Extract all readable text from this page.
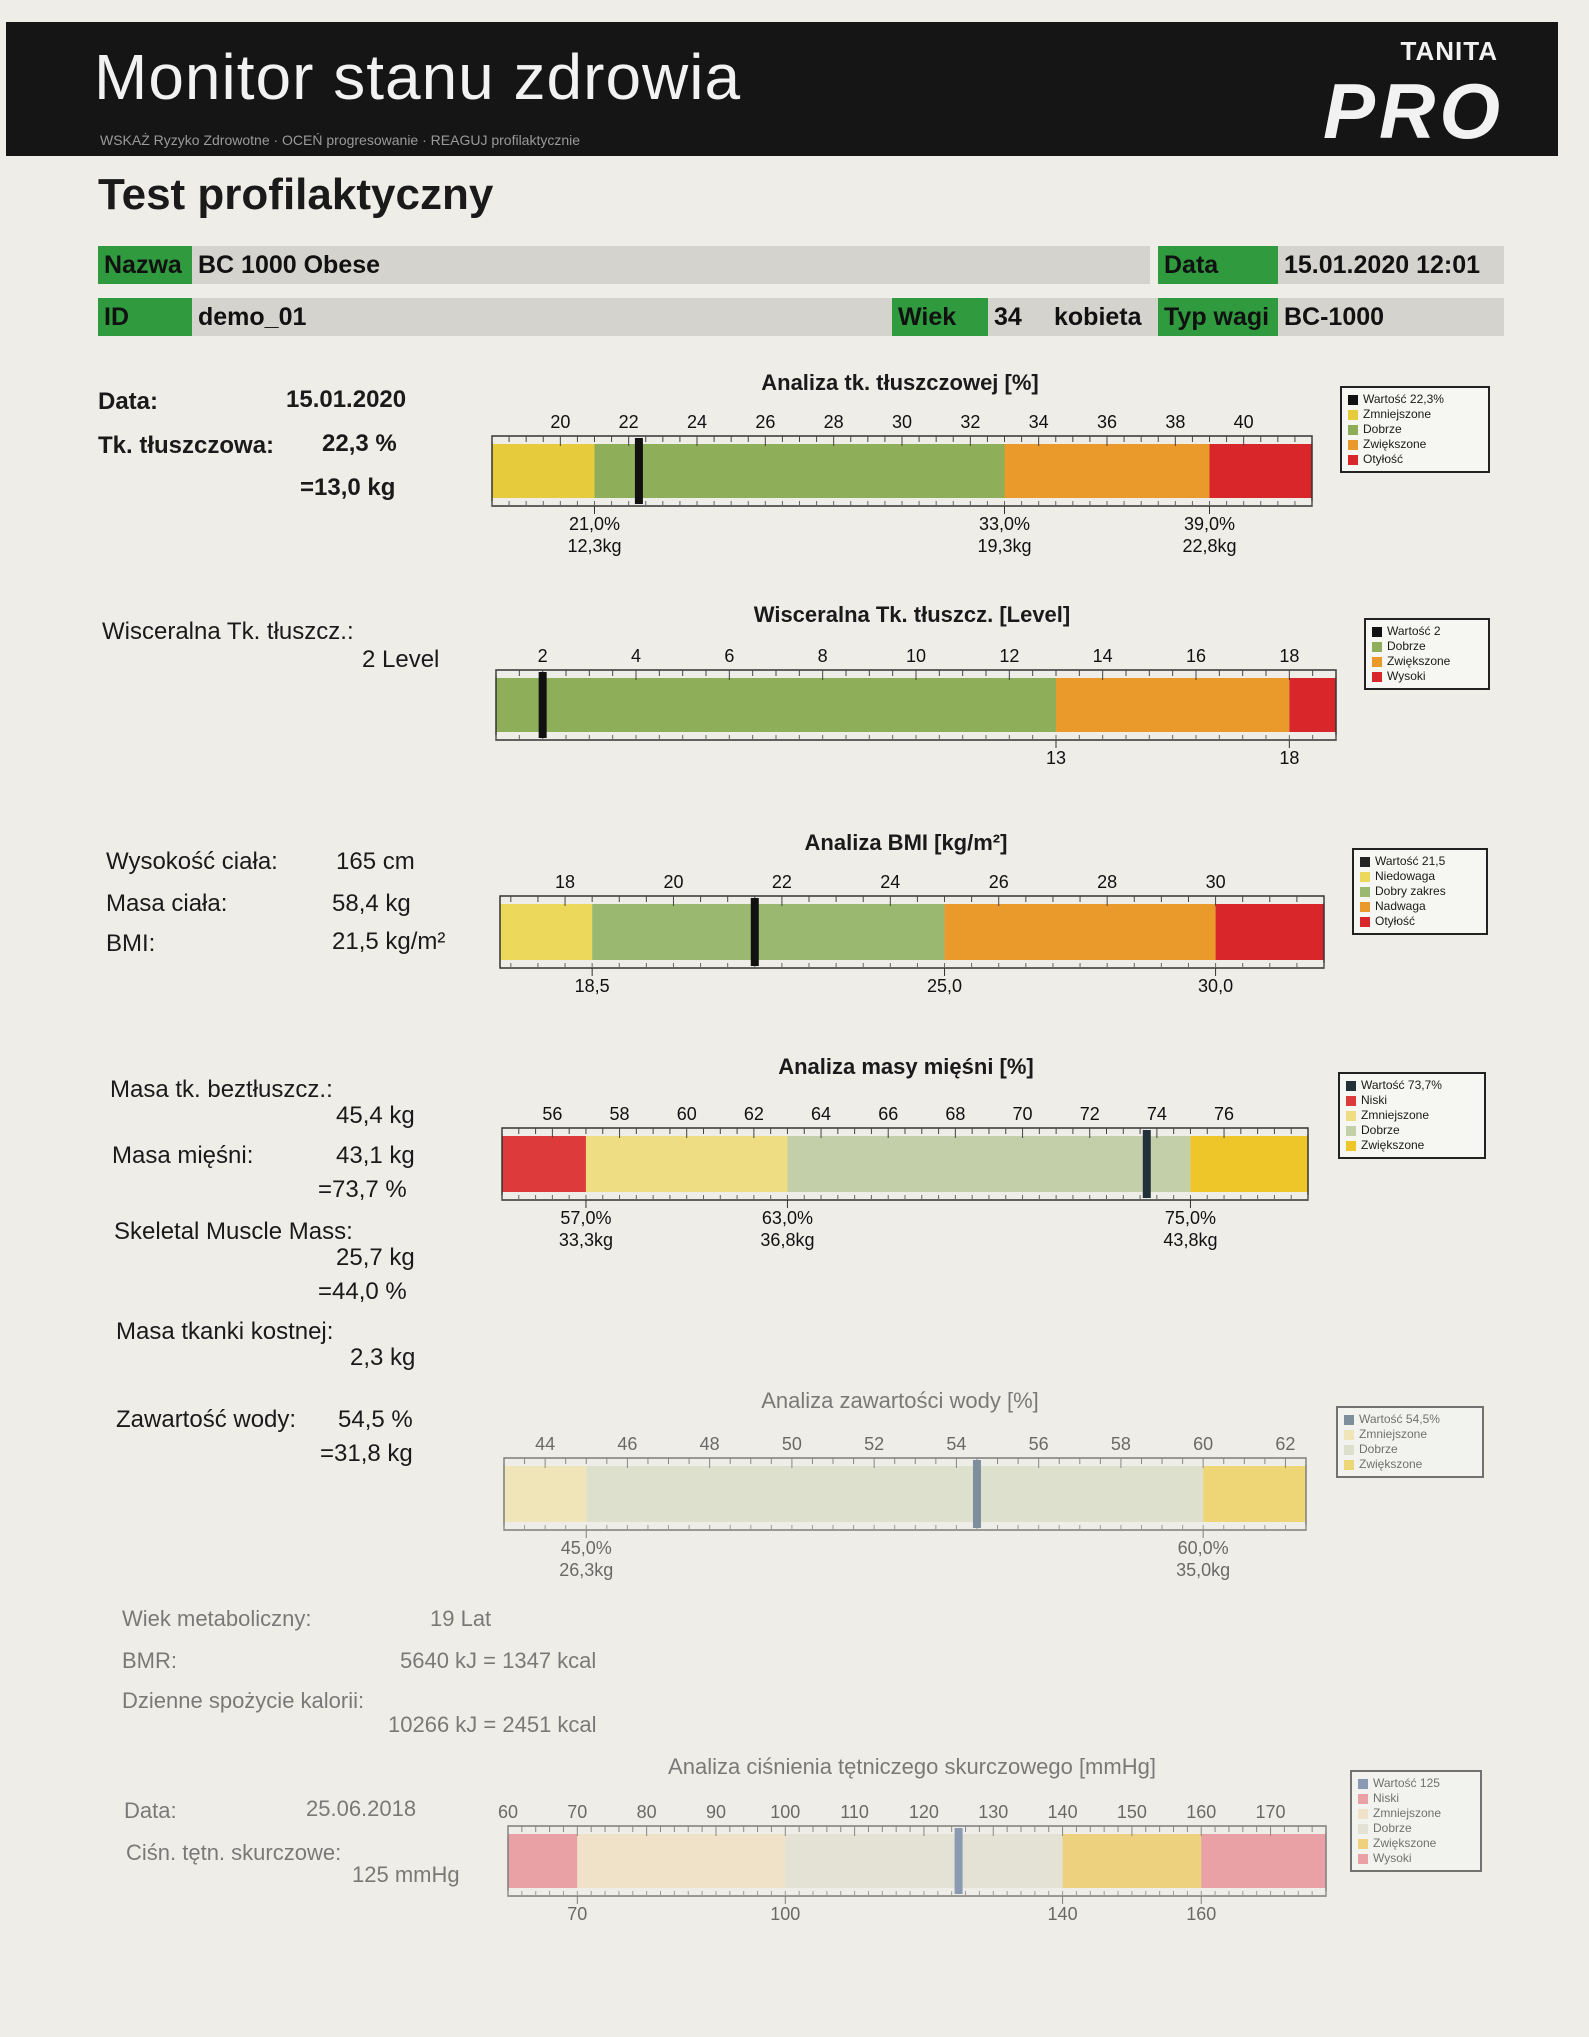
Monitor stanu zdrowia
WSKAŻ Ryzyko Zdrowotne · OCEŃ progresowanie · REAGUJ profilaktycznie
TANITA
PRO
Test profilaktyczny
Nazwa BC 1000 Obese	Data	15.01.2020 12:01
ID	demo_01	Wiek	34	kobieta Typ wagi BC-1000
Data:	15.01.2020
Tk. tłuszczowa: 22,3 %
=13,0 kg
Wisceralna Tk. tłuszcz.:
2 Level
Wysokość ciała: 165 cm
Masa ciała:	58,4 kg
BMI:	21,5 kg/m²
Masa tk. beztłuszcz.:
45,4 kg
Masa mięśni:	43,1 kg
=73,7 %
Skeletal Muscle Mass:
25,7 kg
=44,0 %
Masa tkanki kostnej:
2,3 kg
Zawartość wody: 54,5 %
=31,8 kg
Wiek metaboliczny:	19 Lat
BMR:	5640 kJ = 1347 kcal
Dzienne spożycie kalorii:
10266 kJ = 2451 kcal
Data:	25.06.2018
Ciśn. tętn. skurczowe:
125 mmHg
Analiza tk. tłuszczowej [%]
20	22	24	26	28	30	32	34	36	38	40
21,0%
12,3kg
33,0%
19,3kg
39,0%
22,8kg
Wartość 22,3%
Zmniejszone
Dobrze
Zwiększone
Otyłość
Wisceralna Tk. tłuszcz. [Level]
2	4	6	8	10	12	14	16	18
13	18
Wartość 2
Dobrze
Zwiększone
Wysoki
Analiza BMI [kg/m²]
18	20	22	24	26	28	30
18,5	25,0	30,0
Wartość 21,5
Niedowaga
Dobry zakres
Nadwaga
Otyłość
Analiza masy mięśni [%]
56	58	60	62	64	66	68	70	72	74	76
57,0%
33,3kg
63,0%
36,8kg
75,0%
43,8kg
Wartość 73,7%
Niski
Zmniejszone
Dobrze
Zwiększone
Analiza zawartości wody [%]
44	46	48	50	52	54	56	58	60	62
45,0%
26,3kg
60,0%
35,0kg
Wartość 54,5%
Zmniejszone
Dobrze
Zwiększone
Analiza ciśnienia tętniczego skurczowego [mmHg]
60	70	80	90 100 110 120 130 140 150 160 170
70	100	140	160
Wartość 125
Niski
Zmniejszone
Dobrze
Zwiększone
Wysoki
